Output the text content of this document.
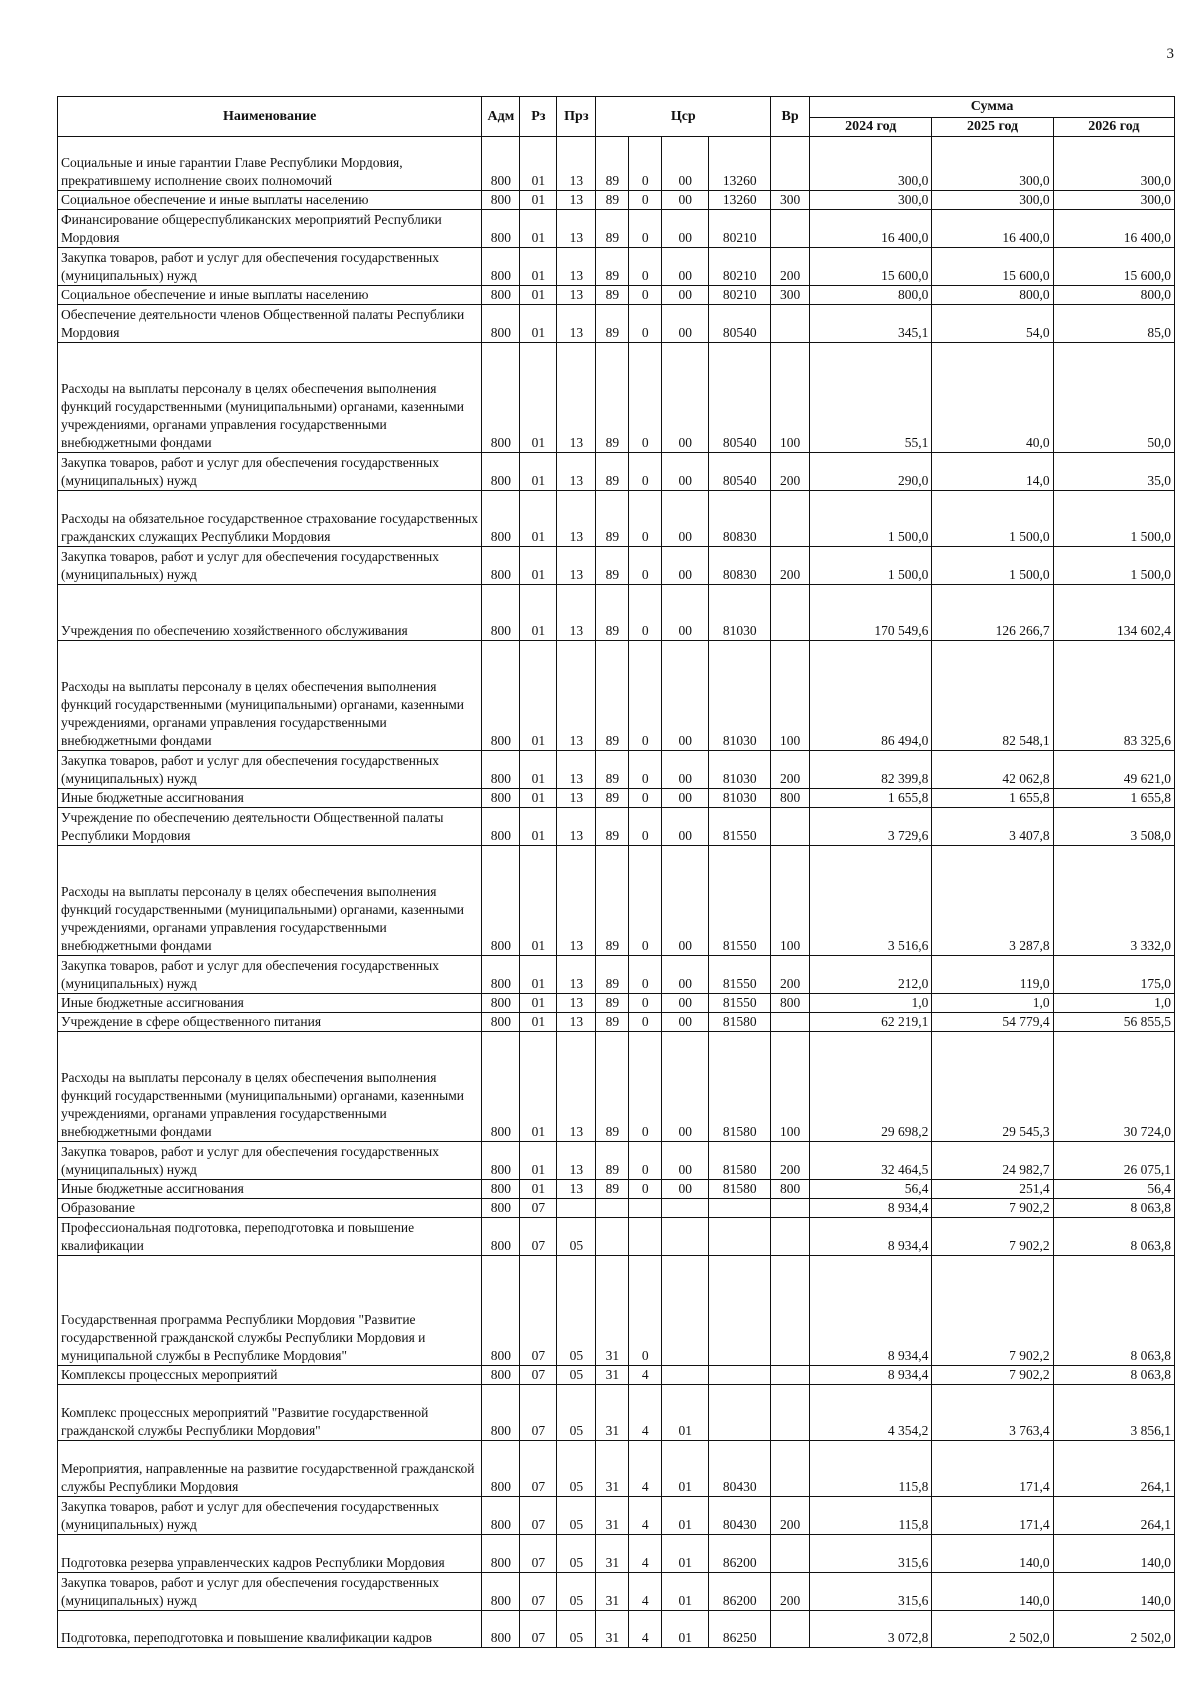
3
Наименование	Адм	Рз	Прз	Цср				Вр	Сумма		
									2024 год	2025 год	2026 год
Социальные и иные гарантии Главе Республики Мордовия, прекратившему исполнение своих полномочий	800	01	13	89	0	00	13260		300,0	300,0	300,0
Социальное обеспечение и иные выплаты населению	800	01	13	89	0	00	13260	300	300,0	300,0	300,0
Финансирование общереспубликанских мероприятий Республики Мордовия	800	01	13	89	0	00	80210		16 400,0	16 400,0	16 400,0
Закупка товаров, работ и услуг для обеспечения государственных (муниципальных) нужд	800	01	13	89	0	00	80210	200	15 600,0	15 600,0	15 600,0
Социальное обеспечение и иные выплаты населению	800	01	13	89	0	00	80210	300	800,0	800,0	800,0
Обеспечение деятельности членов Общественной палаты Республики Мордовия	800	01	13	89	0	00	80540		345,1	54,0	85,0
Расходы на выплаты персоналу в целях обеспечения выполнения функций государственными (муниципальными) органами, казенными учреждениями, органами управления государственными внебюджетными фондами	800	01	13	89	0	00	80540	100	55,1	40,0	50,0
Закупка товаров, работ и услуг для обеспечения государственных (муниципальных) нужд	800	01	13	89	0	00	80540	200	290,0	14,0	35,0
Расходы на обязательное государственное страхование государственных гражданских служащих Республики Мордовия	800	01	13	89	0	00	80830		1 500,0	1 500,0	1 500,0
Закупка товаров, работ и услуг для обеспечения государственных (муниципальных) нужд	800	01	13	89	0	00	80830	200	1 500,0	1 500,0	1 500,0
Учреждения по обеспечению хозяйственного обслуживания	800	01	13	89	0	00	81030		170 549,6	126 266,7	134 602,4
Расходы на выплаты персоналу в целях обеспечения выполнения функций государственными (муниципальными) органами, казенными учреждениями, органами управления государственными внебюджетными фондами	800	01	13	89	0	00	81030	100	86 494,0	82 548,1	83 325,6
Закупка товаров, работ и услуг для обеспечения государственных (муниципальных) нужд	800	01	13	89	0	00	81030	200	82 399,8	42 062,8	49 621,0
Иные бюджетные ассигнования	800	01	13	89	0	00	81030	800	1 655,8	1 655,8	1 655,8
Учреждение по обеспечению деятельности Общественной палаты Республики Мордовия	800	01	13	89	0	00	81550		3 729,6	3 407,8	3 508,0
Расходы на выплаты персоналу в целях обеспечения выполнения функций государственными (муниципальными) органами, казенными учреждениями, органами управления государственными внебюджетными фондами	800	01	13	89	0	00	81550	100	3 516,6	3 287,8	3 332,0
Закупка товаров, работ и услуг для обеспечения государственных (муниципальных) нужд	800	01	13	89	0	00	81550	200	212,0	119,0	175,0
Иные бюджетные ассигнования	800	01	13	89	0	00	81550	800	1,0	1,0	1,0
Учреждение в сфере общественного питания	800	01	13	89	0	00	81580		62 219,1	54 779,4	56 855,5
Расходы на выплаты персоналу в целях обеспечения выполнения функций государственными (муниципальными) органами, казенными учреждениями, органами управления государственными внебюджетными фондами	800	01	13	89	0	00	81580	100	29 698,2	29 545,3	30 724,0
Закупка товаров, работ и услуг для обеспечения государственных (муниципальных) нужд	800	01	13	89	0	00	81580	200	32 464,5	24 982,7	26 075,1
Иные бюджетные ассигнования	800	01	13	89	0	00	81580	800	56,4	251,4	56,4
Образование	800	07							8 934,4	7 902,2	8 063,8
Профессиональная подготовка, переподготовка и повышение квалификации	800	07	05						8 934,4	7 902,2	8 063,8
Государственная программа Республики Мордовия "Развитие государственной гражданской службы Республики Мордовия и муниципальной службы в Республике Мордовия"	800	07	05	31	0				8 934,4	7 902,2	8 063,8
Комплексы процессных мероприятий	800	07	05	31	4				8 934,4	7 902,2	8 063,8
Комплекс процессных мероприятий "Развитие государственной гражданской службы Республики Мордовия"	800	07	05	31	4	01			4 354,2	3 763,4	3 856,1
Мероприятия, направленные на развитие государственной гражданской службы Республики Мордовия	800	07	05	31	4	01	80430		115,8	171,4	264,1
Закупка товаров, работ и услуг для обеспечения государственных (муниципальных) нужд	800	07	05	31	4	01	80430	200	115,8	171,4	264,1
Подготовка резерва управленческих кадров Республики Мордовия	800	07	05	31	4	01	86200		315,6	140,0	140,0
Закупка товаров, работ и услуг для обеспечения государственных (муниципальных) нужд	800	07	05	31	4	01	86200	200	315,6	140,0	140,0
Подготовка, переподготовка и повышение квалификации кадров	800	07	05	31	4	01	86250		3 072,8	2 502,0	2 502,0
